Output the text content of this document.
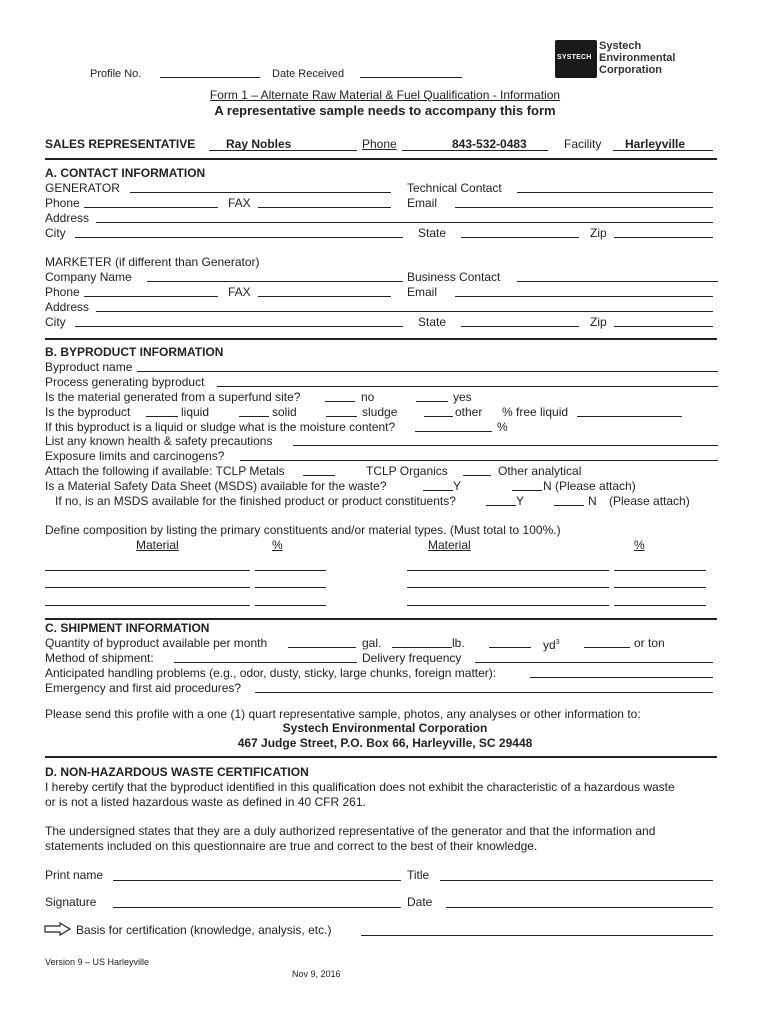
SYSTECH
Systech
Environmental
Corporation
Profile No.	Date Received
Form 1 – Alternate Raw Material & Fuel Qualification - Information
A representative sample needs to accompany this form
SALES REPRESENTATIVE	Ray Nobles	Phone	843-532-0483	Facility Harleyville
A. CONTACT INFORMATION
GENERATOR	Technical Contact
Phone	FAX	Email
Address
City	State	Zip
MARKETER (if different than Generator)
Company Name	Business Contact
Phone	FAX	Email
Address
City	State	Zip
B. BYPRODUCT INFORMATION
Byproduct name
Process generating byproduct
Is the material generated from a superfund site?	no	yes
Is the byproduct	liquid	solid	sludge	other % free liquid
If this byproduct is a liquid or sludge what is the moisture content?	%
List any known health & safety precautions
Exposure limits and carcinogens?
Attach the following if available: TCLP Metals	TCLP Organics	Other analytical
Is a Material Safety Data Sheet (MSDS) available for the waste?	Y	N (Please attach)
If no, is an MSDS available for the finished product or product constituents?	Y	N (Please attach)
Define composition by listing the primary constituents and/or material types. (Must total to 100%.)
Material	%	Material	%
C. SHIPMENT INFORMATION
Quantity of byproduct available per month	gal.	lb.	$yd^3$	or ton
Method of shipment:	Delivery frequency
Anticipated handling problems (e.g., odor, dusty, sticky, large chunks, foreign matter):
Emergency and first aid procedures?
Please send this profile with a one (1) quart representative sample, photos, any analyses or other information to:
Systech Environmental Corporation
467 Judge Street, P.O. Box 66, Harleyville, SC 29448
D. NON-HAZARDOUS WASTE CERTIFICATION
I hereby certify that the byproduct identified in this qualification does not exhibit the characteristic of a hazardous waste
or is not a listed hazardous waste as defined in 40 CFR 261.
The undersigned states that they are a duly authorized representative of the generator and that the information and
statements included on this questionnaire are true and correct to the best of their knowledge.
Print name	Title
Signature	Date
Basis for certification (knowledge, analysis, etc.)
Version 9 – US Harleyville
Nov 9, 2016
